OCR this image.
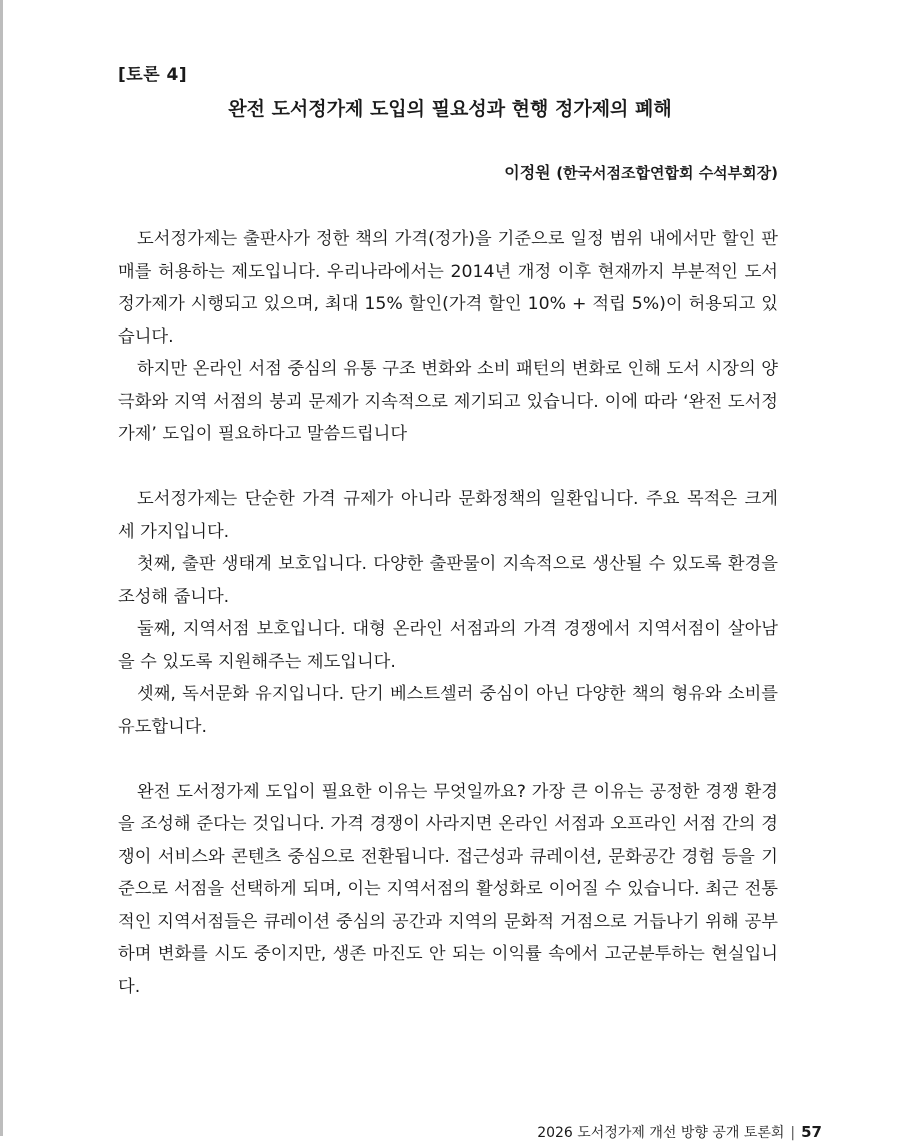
[토론 4]
완전 도서정가제 도입의 필요성과 현행 정가제의 폐해
이정원 (한국서점조합연합회 수석부회장)

도서정가제는 출판사가 정한 책의 가격(정가)을 기준으로 일정 범위 내에서만 할인 판매를 허용하는 제도입니다. 우리나라에서는 2014년 개정 이후 현재까지 부분적인 도서정가제가 시행되고 있으며, 최대 15% 할인(가격 할인 10% + 적립 5%)이 허용되고 있습니다.

하지만 온라인 서점 중심의 유통 구조 변화와 소비 패턴의 변화로 인해 도서 시장의 양극화와 지역 서점의 붕괴 문제가 지속적으로 제기되고 있습니다. 이에 따라 ‘완전 도서정가제’ 도입이 필요하다고 말씀드립니다

도서정가제는 단순한 가격 규제가 아니라 문화정책의 일환입니다. 주요 목적은 크게 세 가지입니다.

첫째, 출판 생태계 보호입니다. 다양한 출판물이 지속적으로 생산될 수 있도록 환경을 조성해 줍니다.

둘째, 지역서점 보호입니다. 대형 온라인 서점과의 가격 경쟁에서 지역서점이 살아남을 수 있도록 지원해주는 제도입니다.

셋째, 독서문화 유지입니다. 단기 베스트셀러 중심이 아닌 다양한 책의 형유와 소비를 유도합니다.

완전 도서정가제 도입이 필요한 이유는 무엇일까요? 가장 큰 이유는 공정한 경쟁 환경을 조성해 준다는 것입니다. 가격 경쟁이 사라지면 온라인 서점과 오프라인 서점 간의 경쟁이 서비스와 콘텐츠 중심으로 전환됩니다. 접근성과 큐레이션, 문화공간 경험 등을 기준으로 서점을 선택하게 되며, 이는 지역서점의 활성화로 이어질 수 있습니다. 최근 전통적인 지역서점들은 큐레이션 중심의 공간과 지역의 문화적 거점으로 거듭나기 위해 공부하며 변화를 시도 중이지만, 생존 마진도 안 되는 이익률 속에서 고군분투하는 현실입니다.

2026 도서정가제 개선 방향 공개 토론회 | 57
